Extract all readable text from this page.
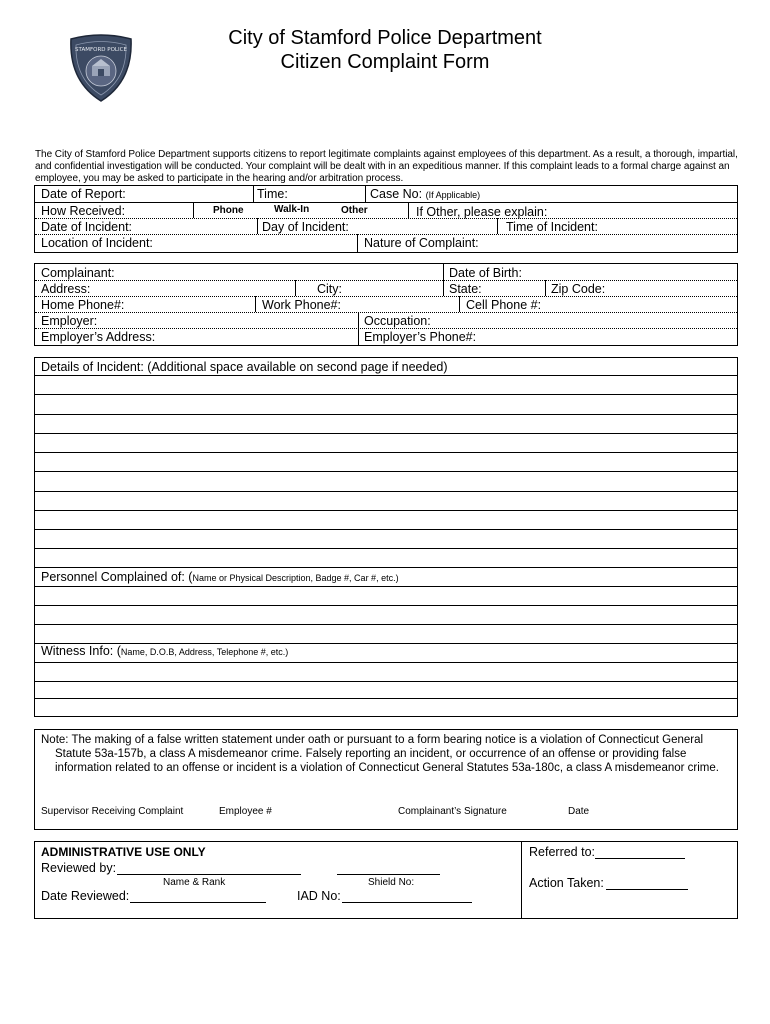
STAMFORD POLICE
City of Stamford Police Department
Citizen Complaint Form
The City of Stamford Police Department supports citizens to report legitimate complaints against employees of this department. As a result, a thorough, impartial, and confidential investigation will be conducted. Your complaint will be dealt with in an expeditious manner. If this complaint leads to a formal charge against an employee, you may be asked to participate in the hearing and/or arbitration process.
Date of Report:	Time:	Case No: (If Applicable)
How Received:	Phone	Walk-In	Other	If Other, please explain:
Date of Incident:	Day of Incident:	Time of Incident:
Location of Incident:	Nature of Complaint:
Complainant:	Date of Birth:
Address:	City:	State:	Zip Code:
Home Phone#:	Work Phone#:	Cell Phone #:
Employer:	Occupation:
Employer’s Address:	Employer’s Phone#:
Details of Incident: (Additional space available on second page if needed)
Personnel Complained of: (Name or Physical Description, Badge #, Car #, etc.)
Witness Info: (Name, D.O.B, Address, Telephone #, etc.)
Note: The making of a false written statement under oath or pursuant to a form bearing notice is a violation of Connecticut General
Statute 53a-157b, a class A misdemeanor crime. Falsely reporting an incident, or occurrence of an offense or providing false
information related to an offense or incident is a violation of Connecticut General Statutes 53a-180c, a class A misdemeanor crime.
Supervisor Receiving Complaint	Employee #	Complainant’s Signature	Date
ADMINISTRATIVE USE ONLY
Reviewed by:
Name & Rank	Shield No:
Date Reviewed:	IAD No:
Referred to:
Action Taken:
